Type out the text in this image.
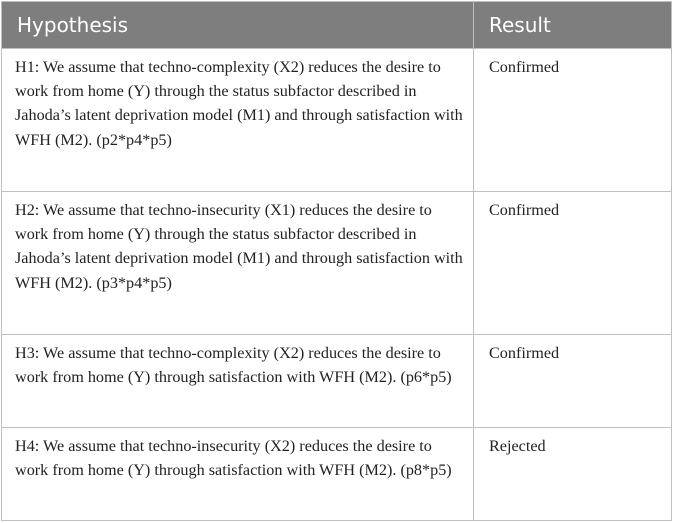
Hypothesis	Result
H1: We assume that techno-complexity (X2) reduces the desire to work from home (Y) through the status subfactor described in Jahoda’s latent deprivation model (M1) and through satisfaction with WFH (M2). (p2*p4*p5)	Confirmed
H2: We assume that techno-insecurity (X1) reduces the desire to work from home (Y) through the status subfactor described in Jahoda’s latent deprivation model (M1) and through satisfaction with WFH (M2). (p3*p4*p5)	Confirmed
H3: We assume that techno-complexity (X2) reduces the desire to work from home (Y) through satisfaction with WFH (M2). (p6*p5)	Confirmed
H4: We assume that techno-insecurity (X2) reduces the desire to work from home (Y) through satisfaction with WFH (M2). (p8*p5)	Rejected
